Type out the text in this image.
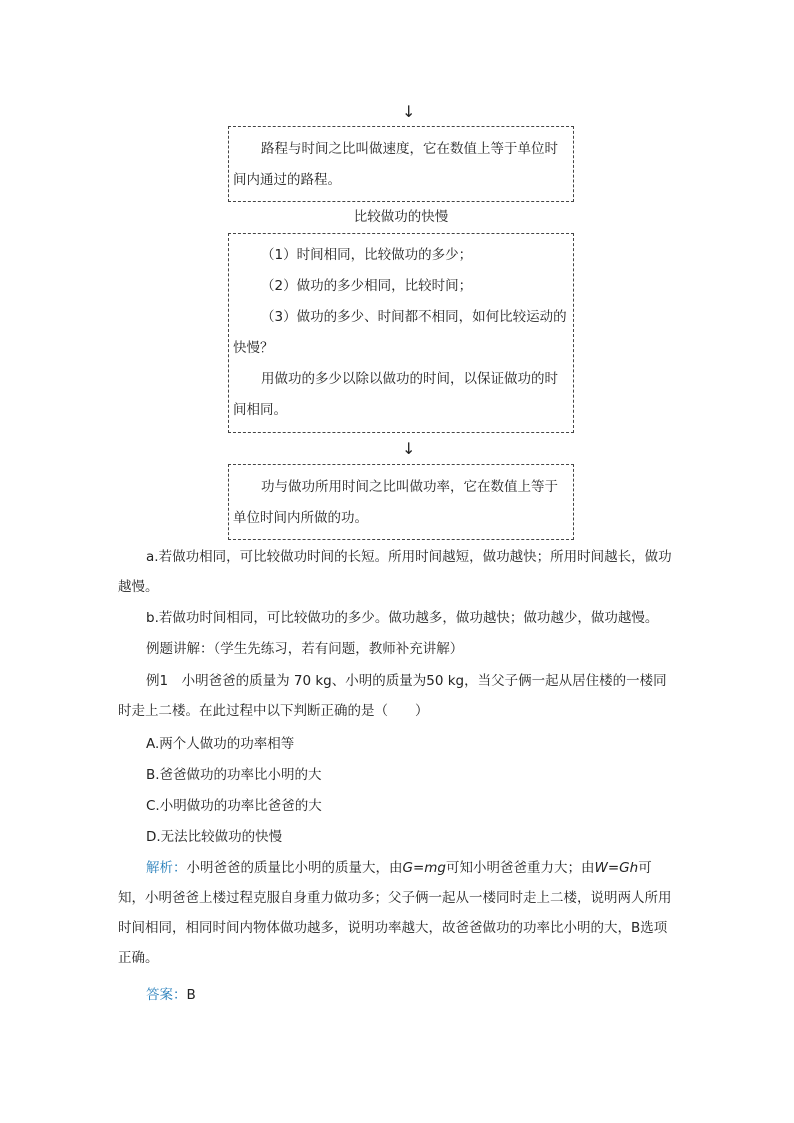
↓

路程与时间之比叫做速度，它在数值上等于单位时间内通过的路程。

比较做功的快慢

（1）时间相同，比较做功的多少；

（2）做功的多少相同，比较时间；

（3）做功的多少、时间都不相同，如何比较运动的快慢？

用做功的多少以除以做功的时间，以保证做功的时间相同。

↓

功与做功所用时间之比叫做功率，它在数值上等于单位时间内所做的功。

a.若做功相同，可比较做功时间的长短。所用时间越短，做功越快；所用时间越长，做功越慢。

b.若做功时间相同，可比较做功的多少。做功越多，做功越快；做功越少，做功越慢。

例题讲解：（学生先练习，若有问题，教师补充讲解）

例1　小明爸爸的质量为 70 kg、小明的质量为50 kg，当父子俩一起从居住楼的一楼同时走上二楼。在此过程中以下判断正确的是（　　）

A.两个人做功的功率相等
B.爸爸做功的功率比小明的大
C.小明做功的功率比爸爸的大
D.无法比较做功的快慢

解析：小明爸爸的质量比小明的质量大，由G=mg可知小明爸爸重力大；由W=Gh可知，小明爸爸上楼过程克服自身重力做功多；父子俩一起从一楼同时走上二楼，说明两人所用时间相同，相同时间内物体做功越多，说明功率越大，故爸爸做功的功率比小明的大，B选项正确。

答案：B
